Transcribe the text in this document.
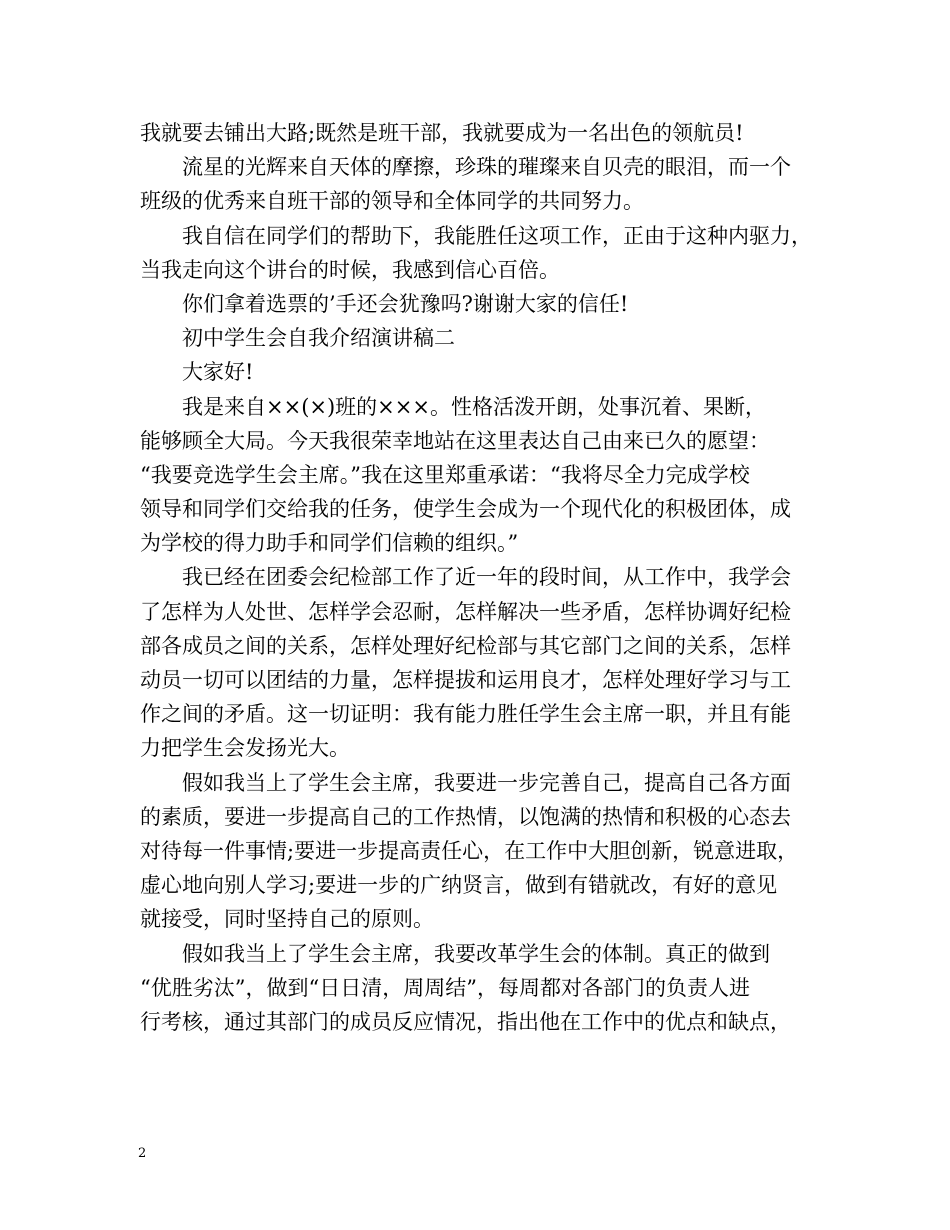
我就要去铺出大路;既然是班干部，我就要成为一名出色的领航员!
流星的光辉来自天体的摩擦，珍珠的璀璨来自贝壳的眼泪，而一个
班级的优秀来自班干部的领导和全体同学的共同努力。
我自信在同学们的帮助下，我能胜任这项工作，正由于这种内驱力，
当我走向这个讲台的时候，我感到信心百倍。
你们拿着选票的’手还会犹豫吗?谢谢大家的信任!
初中学生会自我介绍演讲稿二
大家好!
我是来自××(×)班的×××。性格活泼开朗，处事沉着、果断，
能够顾全大局。今天我很荣幸地站在这里表达自己由来已久的愿望：
“我要竞选学生会主席。”我在这里郑重承诺：“我将尽全力完成学校
领导和同学们交给我的任务，使学生会成为一个现代化的积极团体，成
为学校的得力助手和同学们信赖的组织。”
我已经在团委会纪检部工作了近一年的段时间，从工作中，我学会
了怎样为人处世、怎样学会忍耐，怎样解决一些矛盾，怎样协调好纪检
部各成员之间的关系，怎样处理好纪检部与其它部门之间的关系，怎样
动员一切可以团结的力量，怎样提拔和运用良才，怎样处理好学习与工
作之间的矛盾。这一切证明：我有能力胜任学生会主席一职，并且有能
力把学生会发扬光大。
假如我当上了学生会主席，我要进一步完善自己，提高自己各方面
的素质，要进一步提高自己的工作热情，以饱满的热情和积极的心态去
对待每一件事情;要进一步提高责任心，在工作中大胆创新，锐意进取，
虚心地向别人学习;要进一步的广纳贤言，做到有错就改，有好的意见
就接受，同时坚持自己的原则。
假如我当上了学生会主席，我要改革学生会的体制。真正的做到
“优胜劣汰”，做到“日日清，周周结”，每周都对各部门的负责人进
行考核，通过其部门的成员反应情况，指出他在工作中的优点和缺点，
2
